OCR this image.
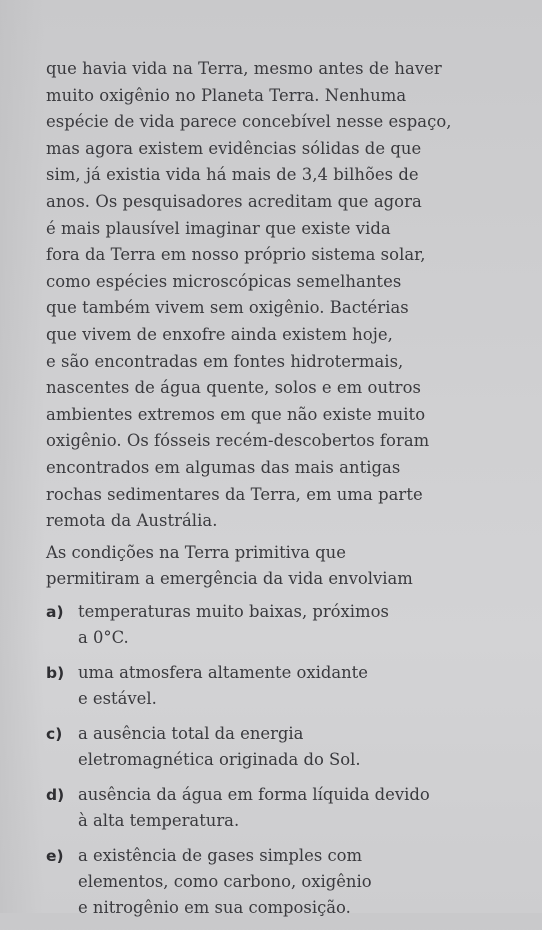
que havia vida na Terra, mesmo antes de haver
muito oxigênio no Planeta Terra. Nenhuma
espécie de vida parece concebível nesse espaço,
mas agora existem evidências sólidas de que
sim, já existia vida há mais de 3,4 bilhões de
anos. Os pesquisadores acreditam que agora
é mais plausível imaginar que existe vida
fora da Terra em nosso próprio sistema solar,
como espécies microscópicas semelhantes
que também vivem sem oxigênio. Bactérias
que vivem de enxofre ainda existem hoje,
e são encontradas em fontes hidrotermais,
nascentes de água quente, solos e em outros
ambientes extremos em que não existe muito
oxigênio. Os fósseis recém-descobertos foram
encontrados em algumas das mais antigas
rochas sedimentares da Terra, em uma parte
remota da Austrália.
As condições na Terra primitiva que
permitiram a emergência da vida envolviam
a) temperaturas muito baixas, próximos
a 0°C.
b) uma atmosfera altamente oxidante
e estável.
c) a ausência total da energia
eletromagnética originada do Sol.
d) ausência da água em forma líquida devido
à alta temperatura.
e) a existência de gases simples com
elementos, como carbono, oxigênio
e nitrogênio em sua composição.
